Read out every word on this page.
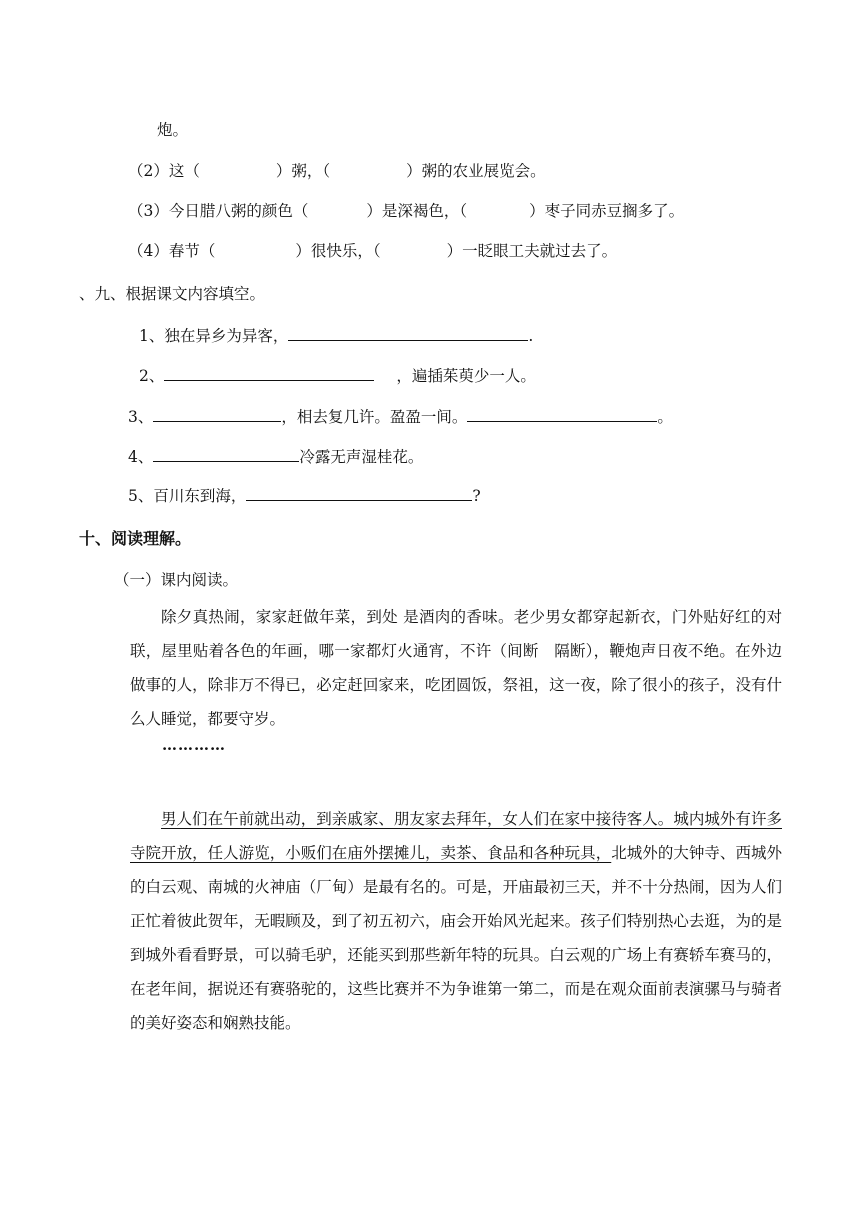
炮。
（2）这（	）粥，（	）粥的农业展览会。
（3）今日腊八粥的颜色（	）是深褐色，（	）枣子同赤豆搁多了。
（4）春节（	）很快乐，（	）一眨眼工夫就过去了。
、九、根据课文内容填空。
1、独在异乡为异客，	.
2、	，遍插茱萸少一人。
3、	，相去复几许。盈盈一间。	。
4、	冷露无声湿桂花。
5、百川东到海，	?
十、阅读理解。
（一）课内阅读。
除夕真热闹，家家赶做年菜，到处 是酒肉的香味。老少男女都穿起新衣，门外贴好红的对联，屋里贴着各色的年画，哪一家都灯火通宵，不许（间断　隔断），鞭炮声日夜不绝。在外边做事的人，除非万不得已，必定赶回家来，吃团圆饭，祭祖，这一夜，除了很小的孩子，没有什么人睡觉，都要守岁。
…………
男人们在午前就出动，到亲戚家、朋友家去拜年，女人们在家中接待客人。城内城外有许多寺院开放，任人游览，小贩们在庙外摆摊儿，卖茶、食品和各种玩具，北城外的大钟寺、西城外的白云观、南城的火神庙（厂甸）是最有名的。可是，开庙最初三天，并不十分热闹，因为人们正忙着彼此贺年，无暇顾及，到了初五初六，庙会开始风光起来。孩子们特别热心去逛，为的是到城外看看野景，可以骑毛驴，还能买到那些新年特的玩具。白云观的广场上有赛轿车赛马的，在老年间，据说还有赛骆驼的，这些比赛并不为争谁第一第二，而是在观众面前表演骡马与骑者的美好姿态和娴熟技能。
